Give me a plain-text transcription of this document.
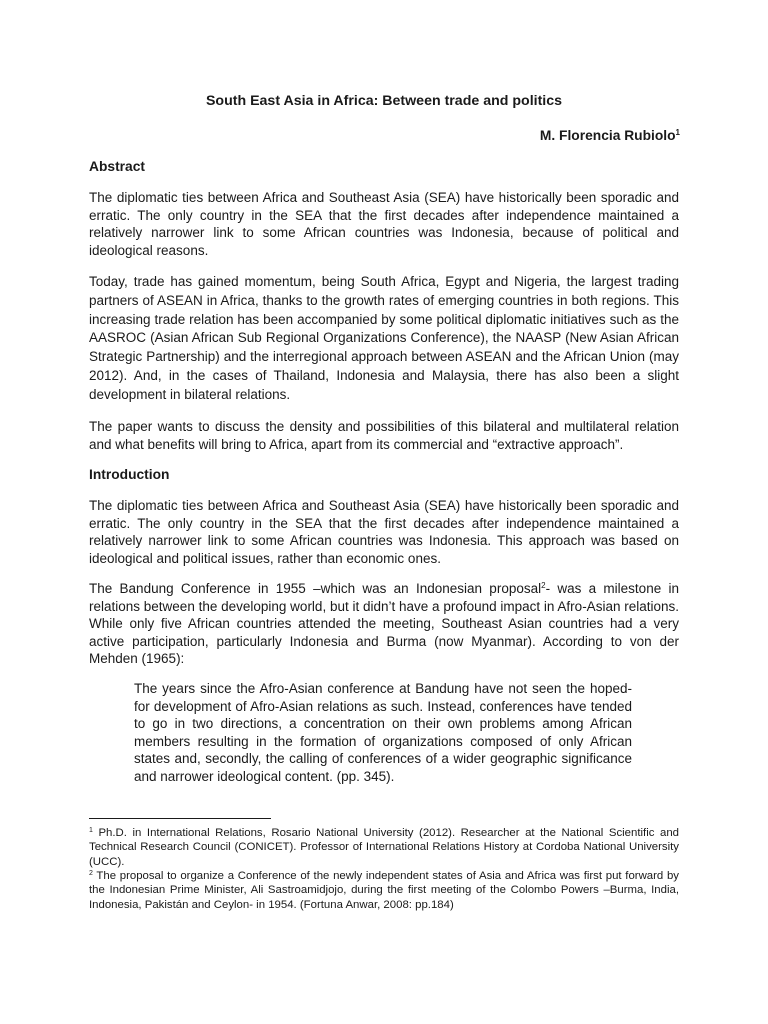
South East Asia in Africa: Between trade and politics

M. Florencia Rubiolo$^1$

Abstract

The diplomatic ties between Africa and Southeast Asia (SEA) have historically been sporadic and erratic. The only country in the SEA that the first decades after independence maintained a relatively narrower link to some African countries was Indonesia, because of political and ideological reasons.

Today, trade has gained momentum, being South Africa, Egypt and Nigeria, the largest trading partners of ASEAN in Africa, thanks to the growth rates of emerging countries in both regions. This increasing trade relation has been accompanied by some political diplomatic initiatives such as the AASROC (Asian African Sub Regional Organizations Conference), the NAASP (New Asian African Strategic Partnership) and the interregional approach between ASEAN and the African Union (may 2012). And, in the cases of Thailand, Indonesia and Malaysia, there has also been a slight development in bilateral relations.

The paper wants to discuss the density and possibilities of this bilateral and multilateral relation and what benefits will bring to Africa, apart from its commercial and “extractive approach”.

Introduction

The diplomatic ties between Africa and Southeast Asia (SEA) have historically been sporadic and erratic. The only country in the SEA that the first decades after independence maintained a relatively narrower link to some African countries was Indonesia. This approach was based on ideological and political issues, rather than economic ones.

The Bandung Conference in 1955 –which was an Indonesian proposal$^2$- was a milestone in relations between the developing world, but it didn’t have a profound impact in Afro-Asian relations. While only five African countries attended the meeting, Southeast Asian countries had a very active participation, particularly Indonesia and Burma (now Myanmar). According to von der Mehden (1965):

The years since the Afro-Asian conference at Bandung have not seen the hoped-for development of Afro-Asian relations as such. Instead, conferences have tended to go in two directions, a concentration on their own problems among African members resulting in the formation of organizations composed of only African states and, secondly, the calling of conferences of a wider geographic significance and narrower ideological content. (pp. 345).

$^1$ Ph.D. in International Relations, Rosario National University (2012). Researcher at the National Scientific and Technical Research Council (CONICET). Professor of International Relations History at Cordoba National University (UCC).

$^2$ The proposal to organize a Conference of the newly independent states of Asia and Africa was first put forward by the Indonesian Prime Minister, Ali Sastroamidjojo, during the first meeting of the Colombo Powers –Burma, India, Indonesia, Pakistán and Ceylon- in 1954. (Fortuna Anwar, 2008: pp.184)
